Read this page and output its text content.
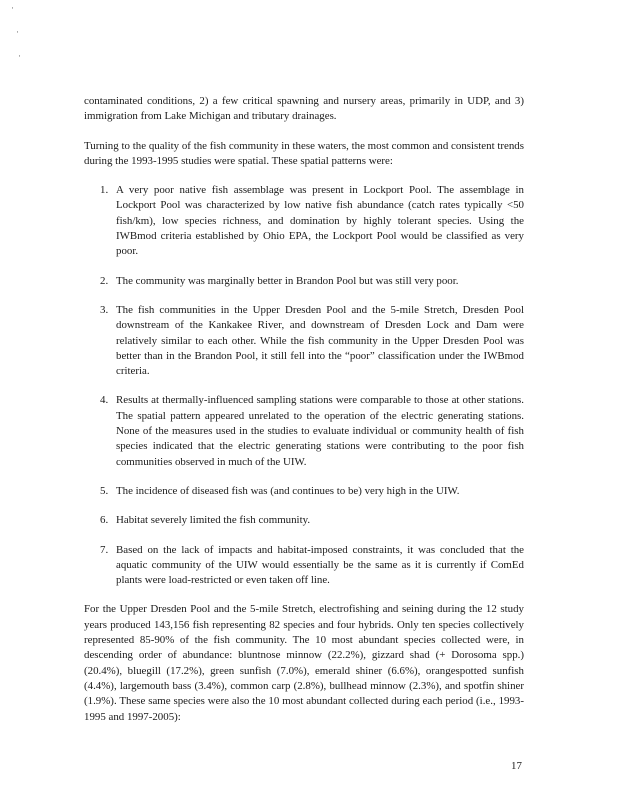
·
·
·

contaminated conditions, 2) a few critical spawning and nursery areas, primarily in UDP, and 3) immigration from Lake Michigan and tributary drainages.

Turning to the quality of the fish community in these waters, the most common and consistent trends during the 1993-1995 studies were spatial. These spatial patterns were:

1. A very poor native fish assemblage was present in Lockport Pool. The assemblage in Lockport Pool was characterized by low native fish abundance (catch rates typically <50 fish/km), low species richness, and domination by highly tolerant species. Using the IWBmod criteria established by Ohio EPA, the Lockport Pool would be classified as very poor.
2. The community was marginally better in Brandon Pool but was still very poor.
3. The fish communities in the Upper Dresden Pool and the 5-mile Stretch, Dresden Pool downstream of the Kankakee River, and downstream of Dresden Lock and Dam were relatively similar to each other. While the fish community in the Upper Dresden Pool was better than in the Brandon Pool, it still fell into the “poor” classification under the IWBmod criteria.
4. Results at thermally-influenced sampling stations were comparable to those at other stations. The spatial pattern appeared unrelated to the operation of the electric generating stations. None of the measures used in the studies to evaluate individual or community health of fish species indicated that the electric generating stations were contributing to the poor fish communities observed in much of the UIW.
5. The incidence of diseased fish was (and continues to be) very high in the UIW.
6. Habitat severely limited the fish community.
7. Based on the lack of impacts and habitat-imposed constraints, it was concluded that the aquatic community of the UIW would essentially be the same as it is currently if ComEd plants were load-restricted or even taken off line.

For the Upper Dresden Pool and the 5-mile Stretch, electrofishing and seining during the 12 study years produced 143,156 fish representing 82 species and four hybrids. Only ten species collectively represented 85-90% of the fish community. The 10 most abundant species collected were, in descending order of abundance: bluntnose minnow (22.2%), gizzard shad (+ Dorosoma spp.) (20.4%), bluegill (17.2%), green sunfish (7.0%), emerald shiner (6.6%), orangespotted sunfish (4.4%), largemouth bass (3.4%), common carp (2.8%), bullhead minnow (2.3%), and spotfin shiner (1.9%). These same species were also the 10 most abundant collected during each period (i.e., 1993-1995 and 1997-2005):

17
